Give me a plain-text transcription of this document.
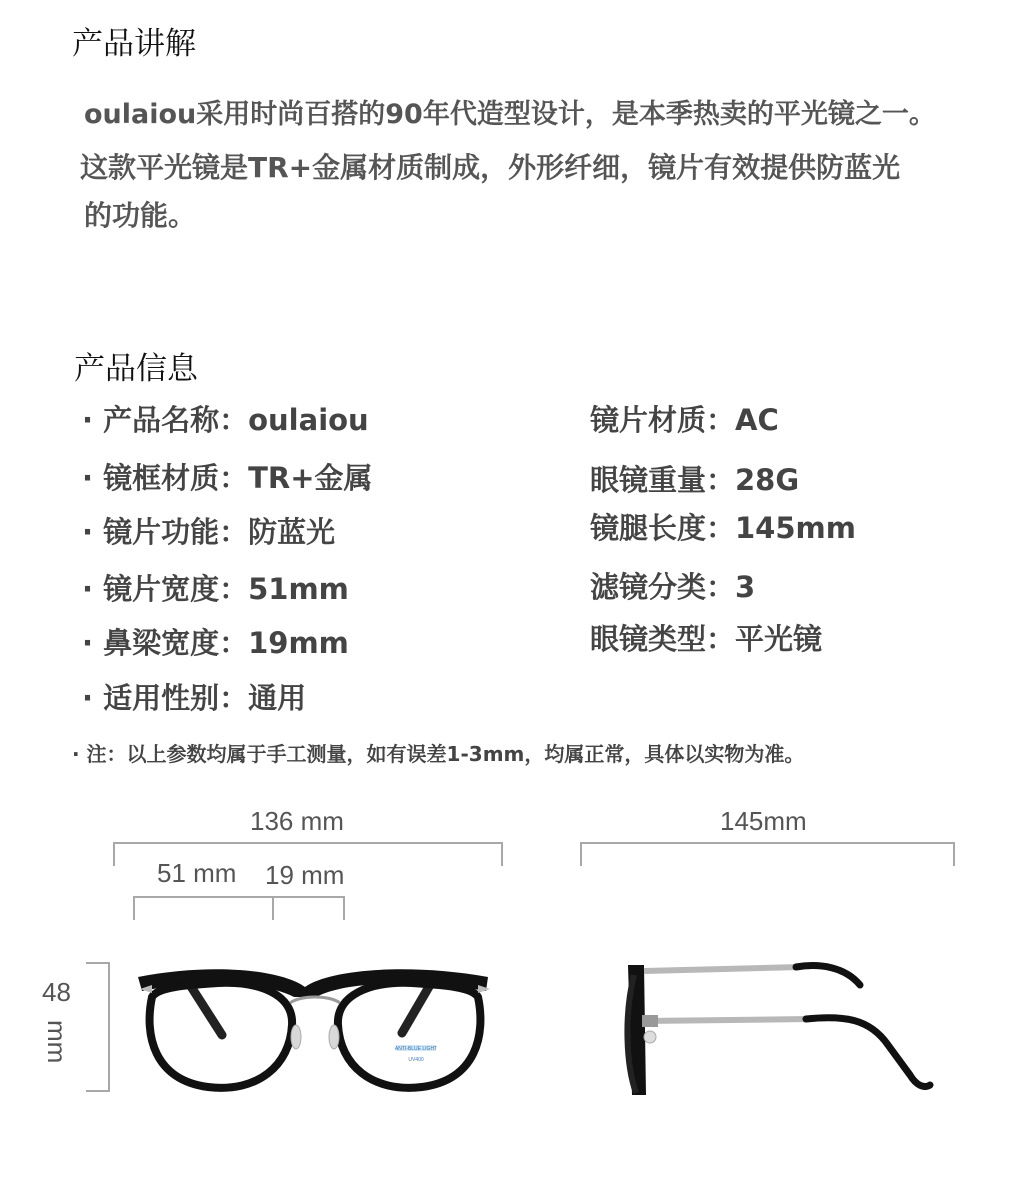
产品讲解
oulaiou采用时尚百搭的90年代造型设计，是本季热卖的平光镜之一。
这款平光镜是TR+金属材质制成，外形纤细，镜片有效提供防蓝光
的功能。
产品信息
· 产品名称：oulaiou
· 镜框材质：TR+金属
· 镜片功能：防蓝光
· 镜片宽度：51mm
· 鼻梁宽度：19mm
· 适用性别：通用
镜片材质：AC
眼镜重量：28G
镜腿长度：145mm
滤镜分类：3
眼镜类型：平光镜
· 注：以上参数均属于手工测量，如有误差1-3mm，均属正常，具体以实物为准。
136 mm
51 mm 19 mm
48
mm	ANTI-BLUE LIGHT
UV400
145mm
